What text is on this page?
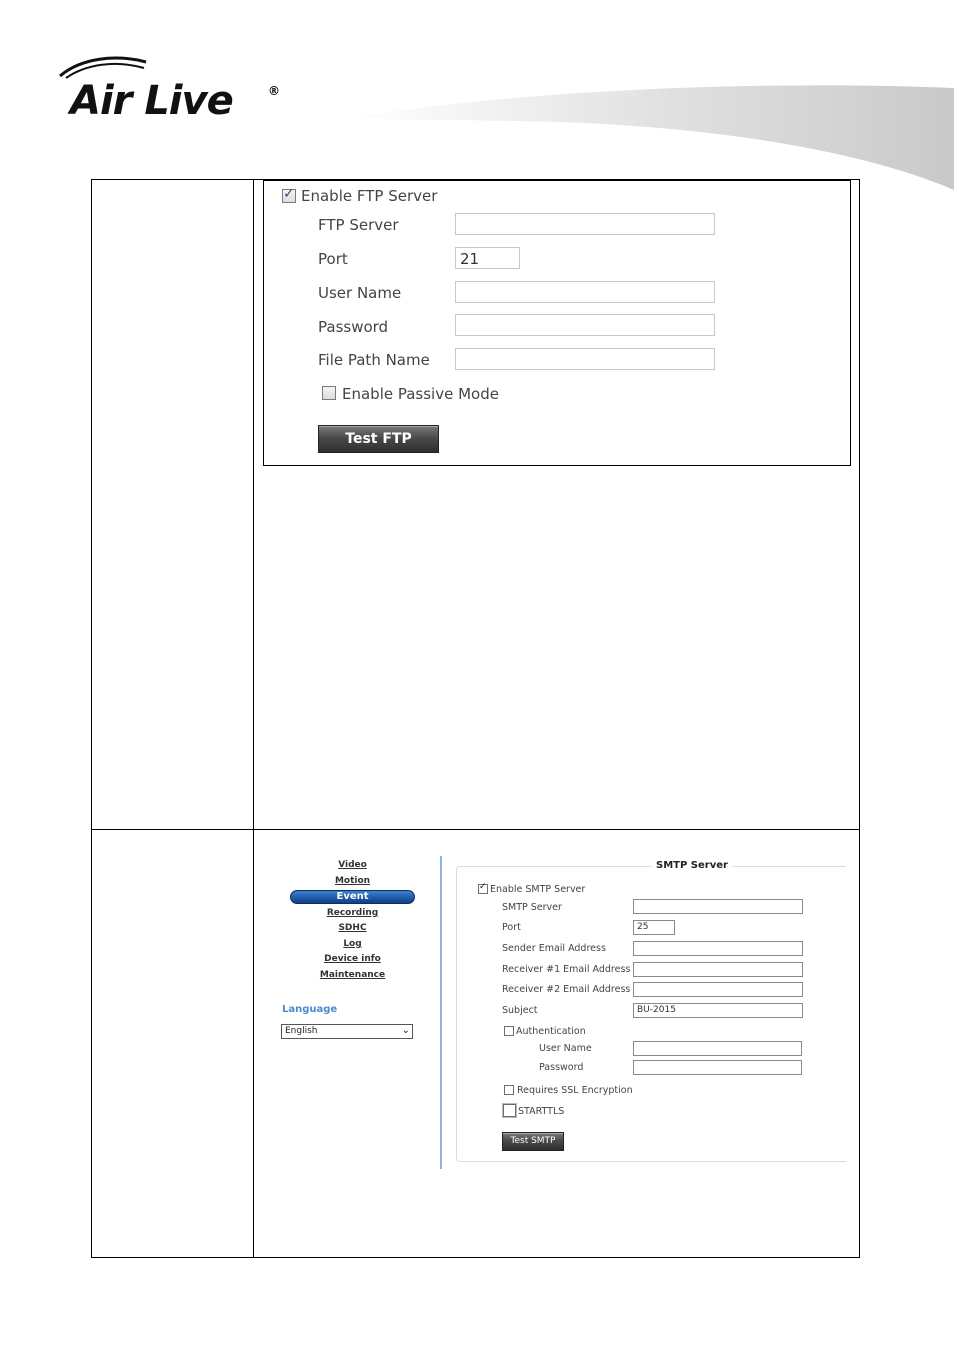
Air Live	®
✓
Enable FTP Server
FTP Server
Port	21
User Name
Password
File Path Name
Enable Passive Mode
Test FTP
Video
Motion
Event
Recording
SDHC
Log
Device info
Maintenance
Language
English	⌄
SMTP Server
✓
Enable SMTP Server
SMTP Server
Port	25
Sender Email Address
Receiver #1 Email Address
Receiver #2 Email Address
Subject	BU-2015
Authentication
User Name
Password
Requires SSL Encryption
STARTTLS
Test SMTP
